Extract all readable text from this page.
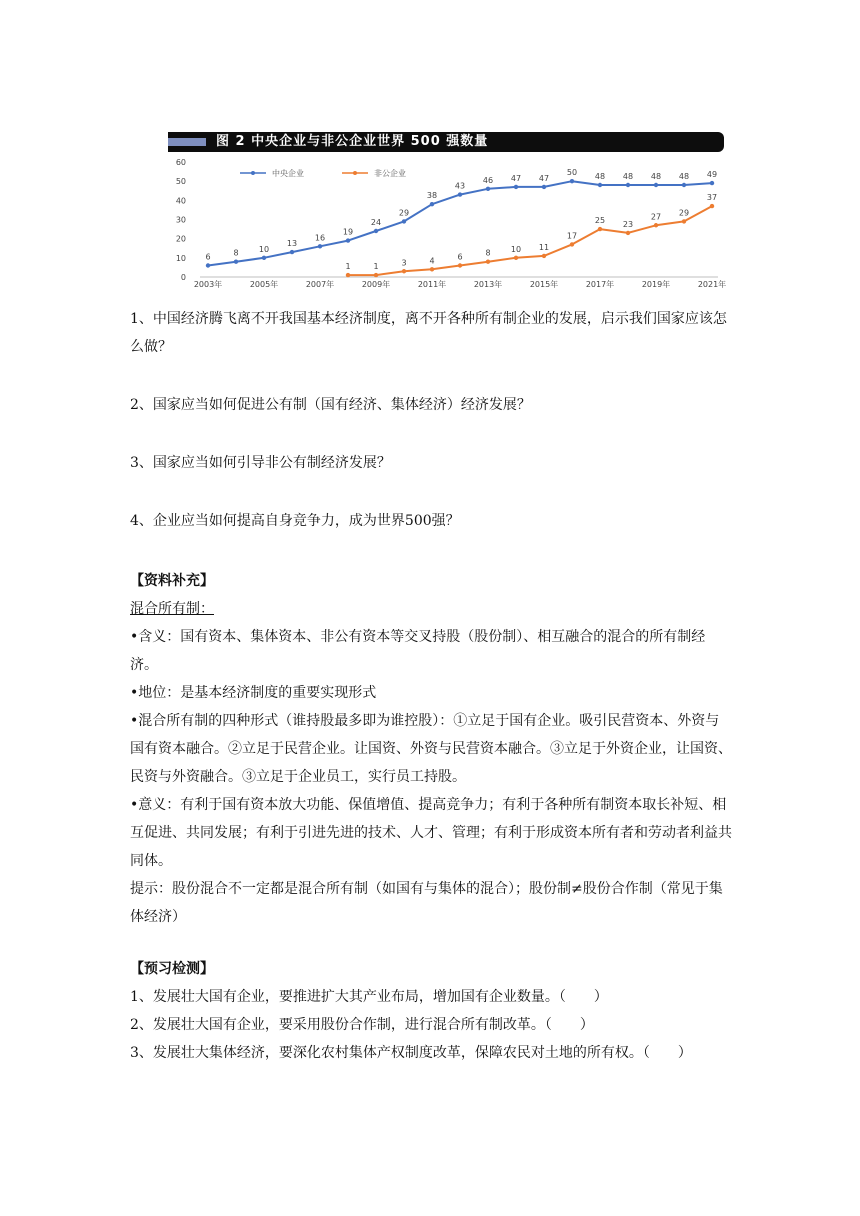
图 2 中央企业与非公企业世界 500 强数量
0
10
20
30
40
50
60
2003年	2005年	2007年	2009年	2011年	2013年	2015年	2017年	2019年	2021年
中央企业	非公企业
6	8	10
13
16
19
24
29
38
43
46 47 47
50 48 48 48 48 49
1	1	3	4	6	8	10 11
17
25 23
27 29
37

1、中国经济腾飞离不开我国基本经济制度，离不开各种所有制企业的发展，启示我们国家应该怎么做？

2、国家应当如何促进公有制（国有经济、集体经济）经济发展？

3、国家应当如何引导非公有制经济发展？

4、企业应当如何提高自身竞争力，成为世界500强？

【资料补充】

混合所有制：

•含义：国有资本、集体资本、非公有资本等交叉持股（股份制）、相互融合的混合的所有制经济。

•地位：是基本经济制度的重要实现形式

•混合所有制的四种形式（谁持股最多即为谁控股）：①立足于国有企业。吸引民营资本、外资与国有资本融合。②立足于民营企业。让国资、外资与民营资本融合。③立足于外资企业，让国资、民资与外资融合。③立足于企业员工，实行员工持股。

•意义：有利于国有资本放大功能、保值增值、提高竞争力；有利于各种所有制资本取长补短、相互促进、共同发展；有利于引进先进的技术、人才、管理；有利于形成资本所有者和劳动者利益共同体。

提示：股份混合不一定都是混合所有制（如国有与集体的混合）；股份制≠股份合作制（常见于集体经济）

【预习检测】

1、发展壮大国有企业，要推进扩大其产业布局，增加国有企业数量。（　　）

2、发展壮大国有企业，要采用股份合作制，进行混合所有制改革。（　　）

3、发展壮大集体经济，要深化农村集体产权制度改革，保障农民对土地的所有权。（　　）
